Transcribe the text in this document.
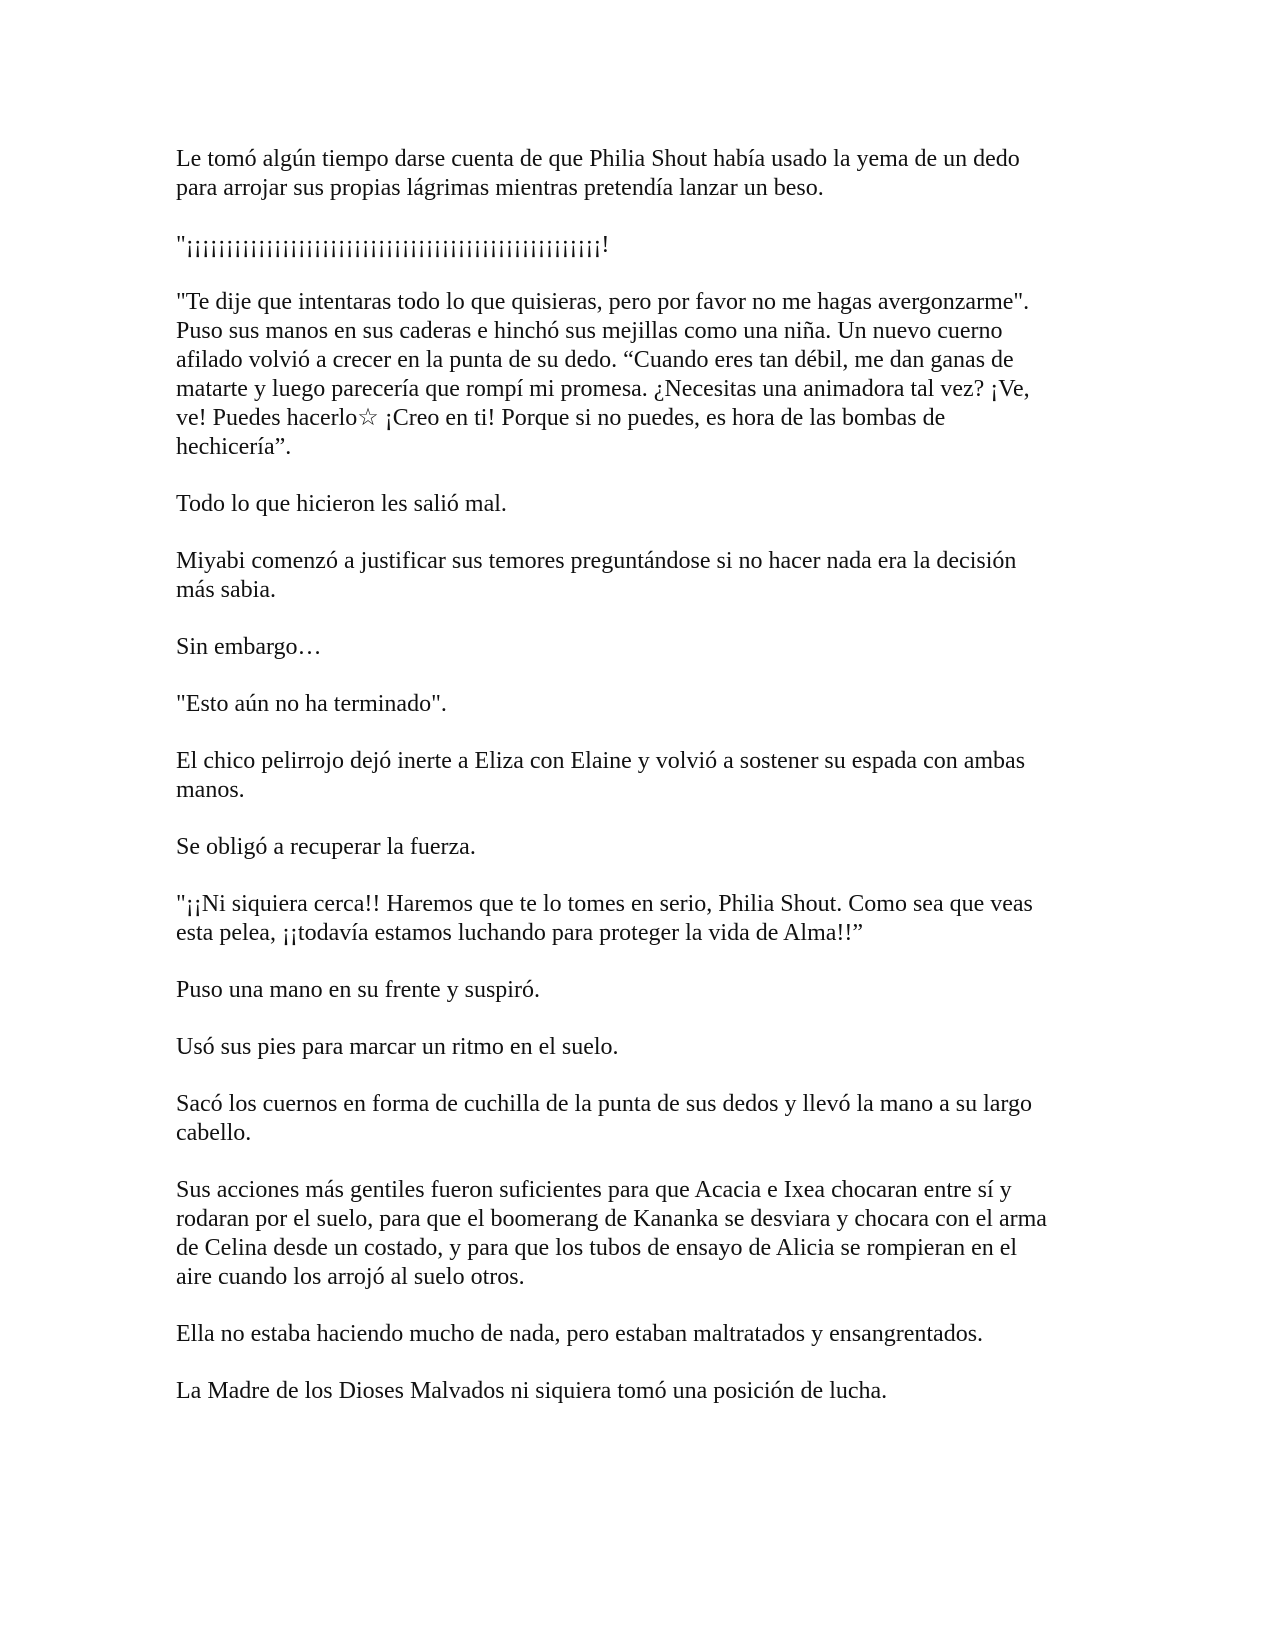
Le tomó algún tiempo darse cuenta de que Philia Shout había usado la yema de un dedo
para arrojar sus propias lágrimas mientras pretendía lanzar un beso.

"¡¡¡¡¡¡¡¡¡¡¡¡¡¡¡¡¡¡¡¡¡¡¡¡¡¡¡¡¡¡¡¡¡¡¡¡¡¡¡¡¡¡¡¡¡¡¡¡¡¡¡¡!

"Te dije que intentaras todo lo que quisieras, pero por favor no me hagas avergonzarme".
Puso sus manos en sus caderas e hinchó sus mejillas como una niña. Un nuevo cuerno
afilado volvió a crecer en la punta de su dedo. “Cuando eres tan débil, me dan ganas de
matarte y luego parecería que rompí mi promesa. ¿Necesitas una animadora tal vez? ¡Ve,
ve! Puedes hacerlo☆ ¡Creo en ti! Porque si no puedes, es hora de las bombas de
hechicería”.

Todo lo que hicieron les salió mal.

Miyabi comenzó a justificar sus temores preguntándose si no hacer nada era la decisión
más sabia.

Sin embargo…

"Esto aún no ha terminado".

El chico pelirrojo dejó inerte a Eliza con Elaine y volvió a sostener su espada con ambas
manos.

Se obligó a recuperar la fuerza.

"¡¡Ni siquiera cerca!! Haremos que te lo tomes en serio, Philia Shout. Como sea que veas
esta pelea, ¡¡todavía estamos luchando para proteger la vida de Alma!!”

Puso una mano en su frente y suspiró.

Usó sus pies para marcar un ritmo en el suelo.

Sacó los cuernos en forma de cuchilla de la punta de sus dedos y llevó la mano a su largo
cabello.

Sus acciones más gentiles fueron suficientes para que Acacia e Ixea chocaran entre sí y
rodaran por el suelo, para que el boomerang de Kananka se desviara y chocara con el arma
de Celina desde un costado, y para que los tubos de ensayo de Alicia se rompieran en el
aire cuando los arrojó al suelo otros.

Ella no estaba haciendo mucho de nada, pero estaban maltratados y ensangrentados.

La Madre de los Dioses Malvados ni siquiera tomó una posición de lucha.
